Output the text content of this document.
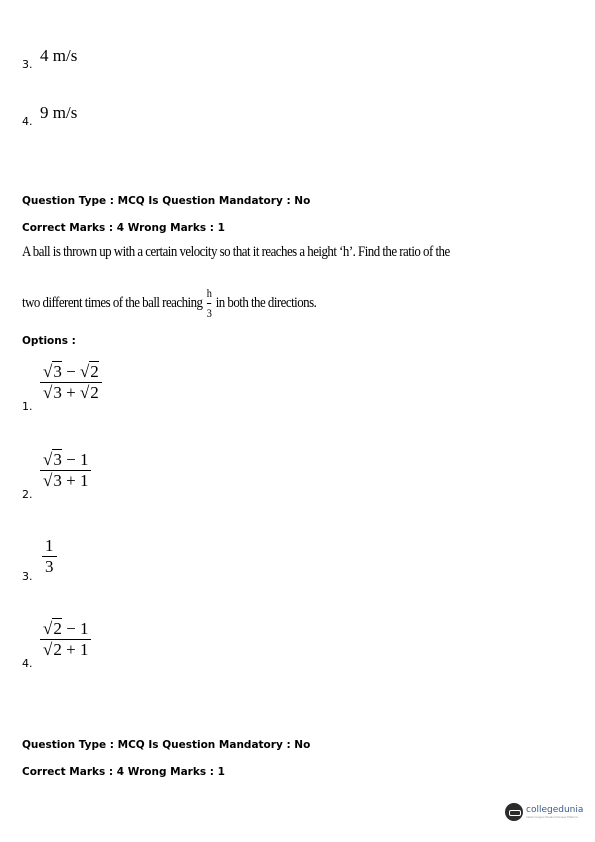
3. 4 m/s
4. 9 m/s
Question Type : MCQ Is Question Mandatory : No
Correct Marks : 4 Wrong Marks : 1
A ball is thrown up with a certain velocity so that it reaches a height ‘h’. Find the ratio of the
two different times of the ball reaching $\frac{h}{3}$ in both the directions.
Options :
1.
$\frac{√3 - √2}{√3 + √2}$
2.
$\frac{√3 - 1}{√3 + 1}$
3.
$\frac{1}{3}$
4.
$\frac{√2 - 1}{√2 + 1}$
Question Type : MCQ Is Question Mandatory : No
Correct Marks : 4 Wrong Marks : 1
collegedunia
India's largest Student Review Platform
